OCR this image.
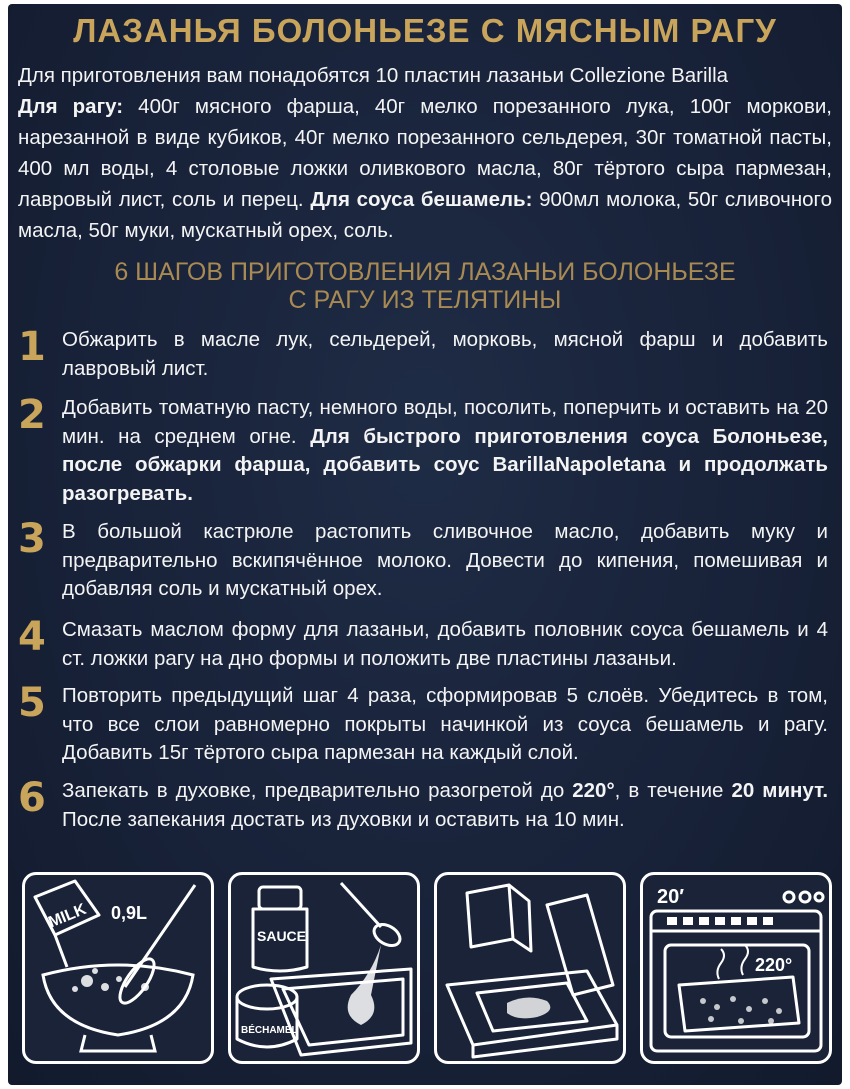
ЛАЗАНЬЯ БОЛОНЬЕЗЕ С МЯСНЫМ РАГУ

Для приготовления вам понадобятся 10 пластин лазаньи Collezione Barilla

Для рагу: 400г мясного фарша, 40г мелко порезанного лука, 100г моркови, нарезанной в виде кубиков, 40г мелко порезанного сельдерея, 30г томатной пасты, 400 мл воды, 4 столовые ложки оливкового масла, 80г тёртого сыра пармезан, лавровый лист, соль и перец. Для соуса бешамель: 900мл молока, 50г сливочного масла, 50г муки, мускатный орех, соль.

6 ШАГОВ ПРИГОТОВЛЕНИЯ ЛАЗАНЬИ БОЛОНЬЕЗЕ
С РАГУ ИЗ ТЕЛЯТИНЫ
1 Обжарить в масле лук, сельдерей, морковь, мясной фарш и добавить лавровый лист.
2 Добавить томатную пасту, немного воды, посолить, поперчить и оставить на 20 мин. на среднем огне. Для быстрого приготовления соуса Болоньезе, после обжарки фарша, добавить соус BarillaNapoletana и продолжать разогревать.
3 В большой кастрюле растопить сливочное масло, добавить муку и предварительно вскипячённое молоко. Довести до кипения, помешивая и добавляя соль и мускатный орех.
4 Смазать маслом форму для лазаньи, добавить половник соуса бешамель и 4 ст. ложки рагу на дно формы и положить две пластины лазаньи.
5 Повторить предыдущий шаг 4 раза, сформировав 5 слоёв. Убедитесь в том, что все слои равномерно покрыты начинкой из соуса бешамель и рагу. Добавить 15г тёртого сыра пармезан на каждый слой.
6 Запекать в духовке, предварительно разогретой до 220°, в течение 20 минут. После запекания достать из духовки и оставить на 10 мин.
MILK 0,9L
SAUCE
BÉCHAMEL
20′
220°
